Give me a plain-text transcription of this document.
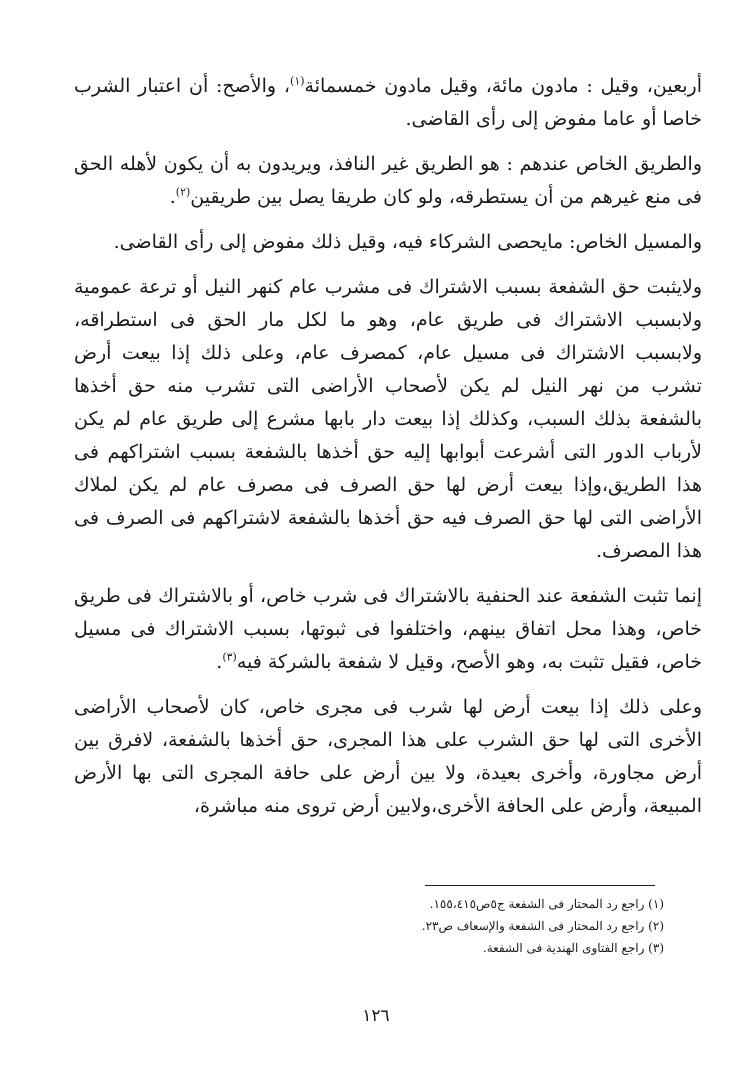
أربعين، وقيل : مادون مائة، وقيل مادون خمسمائة$^{(١)}$، والأصح: أن اعتبار الشرب خاصا أو عاما مفوض إلى رأى القاضى.

والطريق الخاص عندهم : هو الطريق غير النافذ، ويريدون به أن يكون لأهله الحق فى منع غيرهم من أن يستطرقه، ولو كان طريقا يصل بين طريقين$^{(٢)}$.

والمسيل الخاص: مايحصى الشركاء فيه، وقيل ذلك مفوض إلى رأى القاضى.

ولايثبت حق الشفعة بسبب الاشتراك فى مشرب عام كنهر النيل أو ترعة عمومية ولابسبب الاشتراك فى طريق عام، وهو ما لكل مار الحق فى استطراقه، ولابسبب الاشتراك فى مسيل عام، كمصرف عام، وعلى ذلك إذا بيعت أرض تشرب من نهر النيل لم يكن لأصحاب الأراضى التى تشرب منه حق أخذها بالشفعة بذلك السبب، وكذلك إذا بيعت دار بابها مشرع إلى طريق عام لم يكن لأرباب الدور التى أشرعت أبوابها إليه حق أخذها بالشفعة بسبب اشتراكهم فى هذا الطريق،وإذا بيعت أرض لها حق الصرف فى مصرف عام لم يكن لملاك الأراضى التى لها حق الصرف فيه حق أخذها بالشفعة لاشتراكهم فى الصرف فى هذا المصرف.

إنما تثبت الشفعة عند الحنفية بالاشتراك فى شرب خاص، أو بالاشتراك فى طريق خاص، وهذا محل اتفاق بينهم، واختلفوا فى ثبوتها، بسبب الاشتراك فى مسيل خاص، فقيل تثبت به، وهو الأصح، وقيل لا شفعة بالشركة فيه$^{(٣)}$.

وعلى ذلك إذا بيعت أرض لها شرب فى مجرى خاص، كان لأصحاب الأراضى الأخرى التى لها حق الشرب على هذا المجرى، حق أخذها بالشفعة، لافرق بين أرض مجاورة، وأخرى بعيدة، ولا بين أرض على حافة المجرى التى بها الأرض المبيعة، وأرض على الحافة الأخرى،ولابين أرض تروى منه مباشرة،

(١) راجع رد المحتار فى الشفعة ج٥ص١٥٥،٤١٥.

(٢) راجع رد المحتار فى الشفعة والإسعاف ص٢٣.

(٣) راجع الفتاوى الهندية فى الشفعة.

١٢٦
